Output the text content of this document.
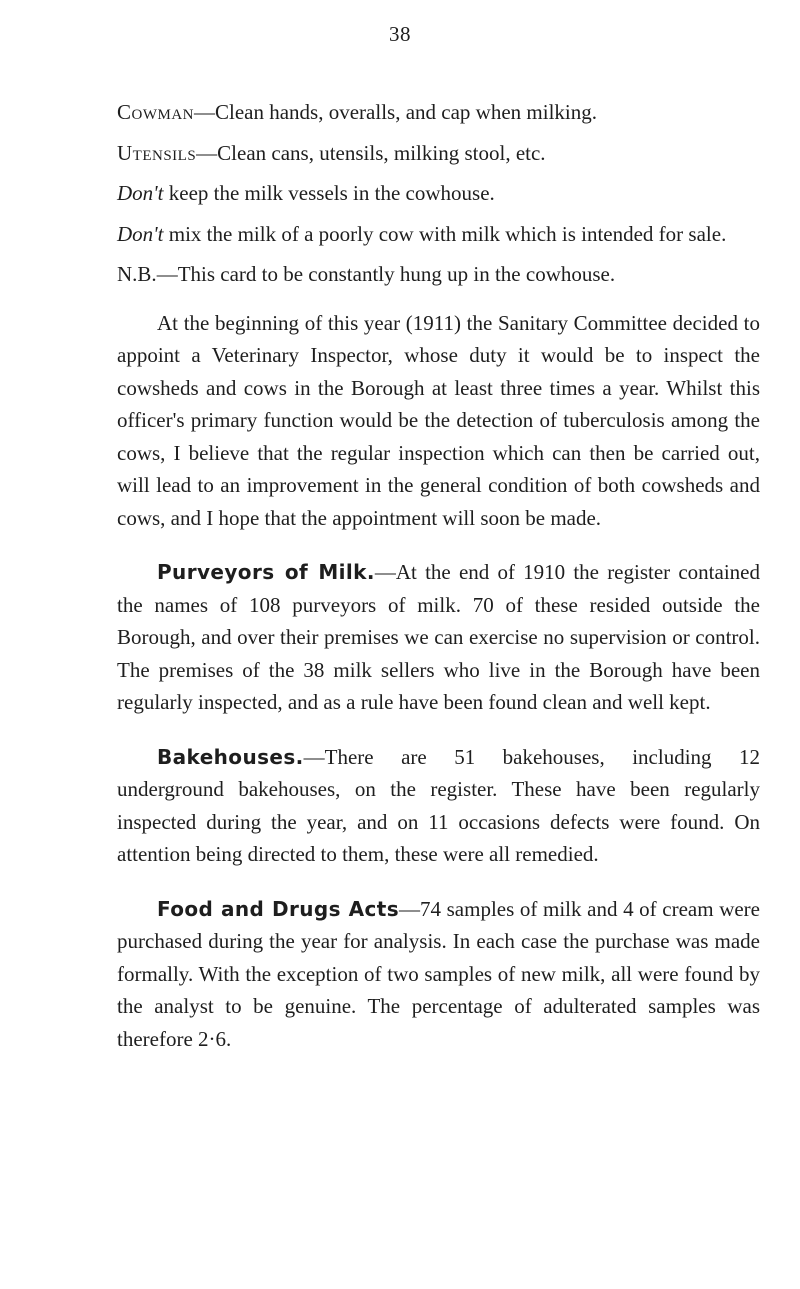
38

Cowman—Clean hands, overalls, and cap when milking.

Utensils—Clean cans, utensils, milking stool, etc.

Don't keep the milk vessels in the cowhouse.

Don't mix the milk of a poorly cow with milk which is intended for sale.

N.B.—This card to be constantly hung up in the cowhouse.

At the beginning of this year (1911) the Sanitary Committee decided to appoint a Veterinary Inspector, whose duty it would be to inspect the cowsheds and cows in the Borough at least three times a year. Whilst this officer's primary function would be the detection of tuberculosis among the cows, I believe that the regular inspection which can then be carried out, will lead to an improvement in the general condition of both cowsheds and cows, and I hope that the appointment will soon be made.

Purveyors of Milk.—At the end of 1910 the register contained the names of 108 purveyors of milk. 70 of these resided outside the Borough, and over their premises we can exercise no supervision or control. The premises of the 38 milk sellers who live in the Borough have been regularly inspected, and as a rule have been found clean and well kept.

Bakehouses.—There are 51 bakehouses, including 12 underground bakehouses, on the register. These have been regularly inspected during the year, and on 11 occasions defects were found. On attention being directed to them, these were all remedied.

Food and Drugs Acts—74 samples of milk and 4 of cream were purchased during the year for analysis. In each case the purchase was made formally. With the exception of two samples of new milk, all were found by the analyst to be genuine. The percentage of adulterated samples was therefore 2·6.
